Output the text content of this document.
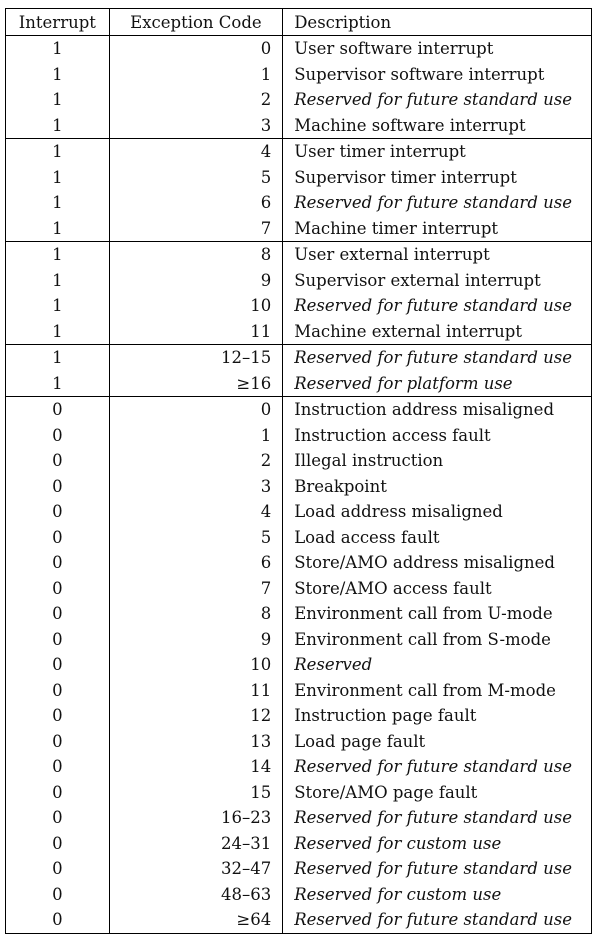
Interrupt	Exception Code	Description
1	0	User software interrupt
1	1	Supervisor software interrupt
1	2	Reserved for future standard use
1	3	Machine software interrupt
1	4	User timer interrupt
1	5	Supervisor timer interrupt
1	6	Reserved for future standard use
1	7	Machine timer interrupt
1	8	User external interrupt
1	9	Supervisor external interrupt
1	10	Reserved for future standard use
1	11	Machine external interrupt
1	12–15	Reserved for future standard use
1	≥16	Reserved for platform use
0	0	Instruction address misaligned
0	1	Instruction access fault
0	2	Illegal instruction
0	3	Breakpoint
0	4	Load address misaligned
0	5	Load access fault
0	6	Store/AMO address misaligned
0	7	Store/AMO access fault
0	8	Environment call from U-mode
0	9	Environment call from S-mode
0	10	Reserved
0	11	Environment call from M-mode
0	12	Instruction page fault
0	13	Load page fault
0	14	Reserved for future standard use
0	15	Store/AMO page fault
0	16–23	Reserved for future standard use
0	24–31	Reserved for custom use
0	32–47	Reserved for future standard use
0	48–63	Reserved for custom use
0	≥64	Reserved for future standard use
